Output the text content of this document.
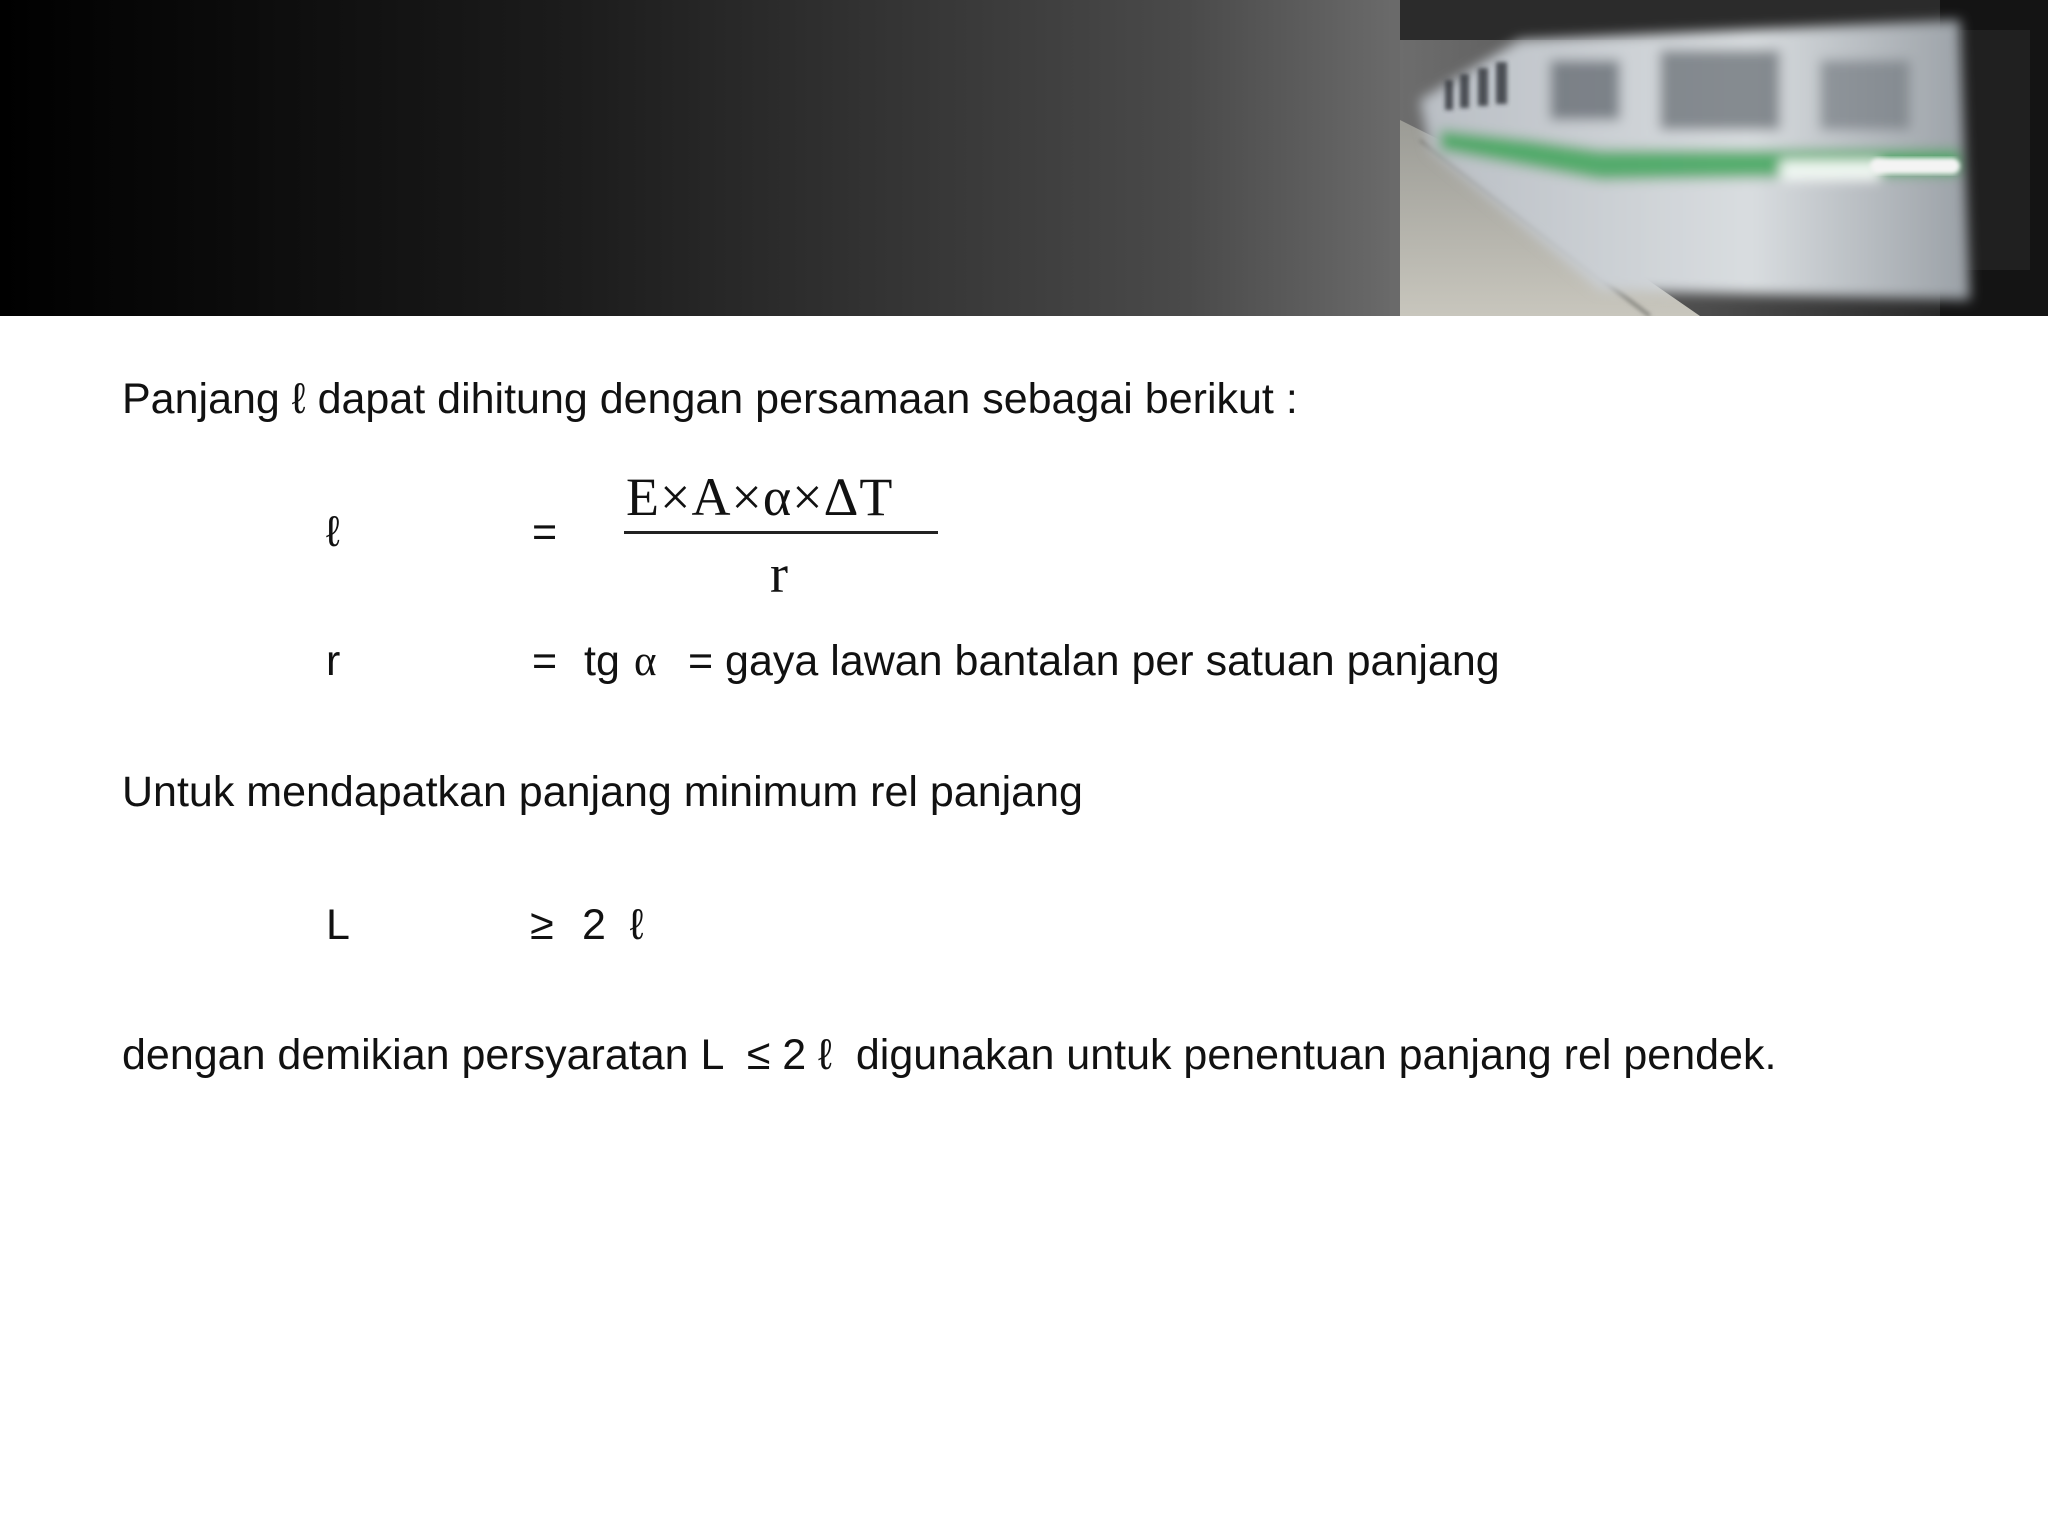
Panjang ℓ dapat dihitung dengan persamaan sebagai berikut :
ℓ	=
E×A×α×ΔT
r
r	= tg α = gaya lawan bantalan per satuan panjang
Untuk mendapatkan panjang minimum rel panjang
L	≥ 2  ℓ
dengan demikian persyaratan L  ≤ 2 ℓ  digunakan untuk penentuan panjang rel pendek.
